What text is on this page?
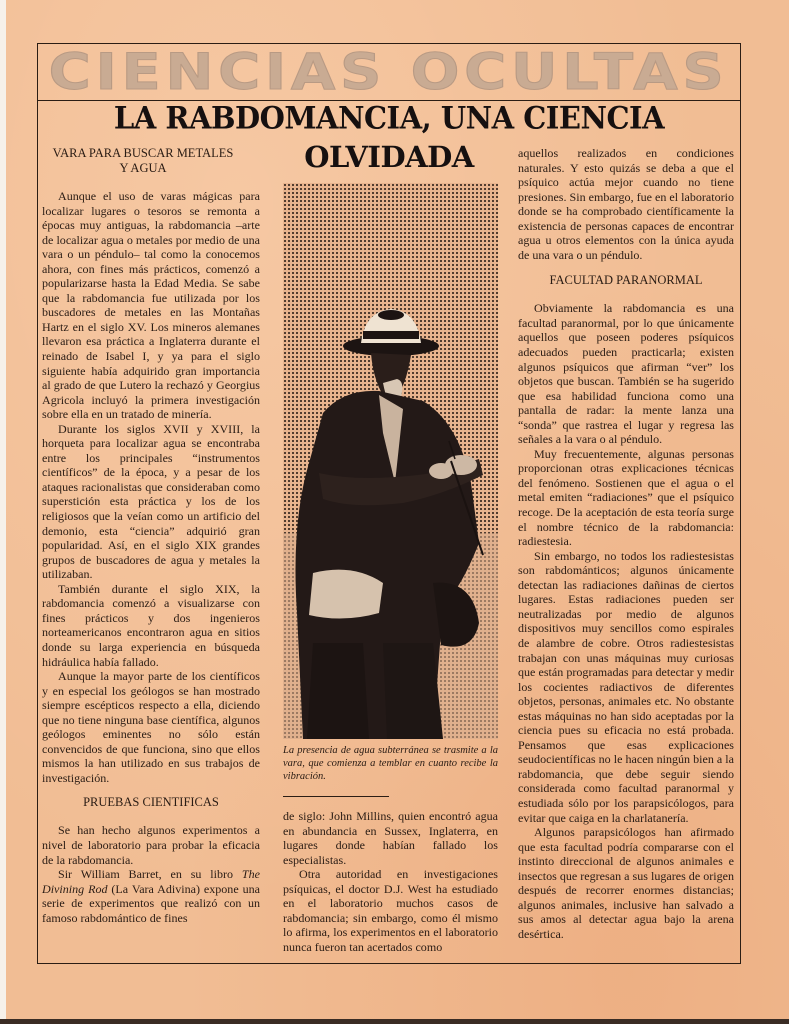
CIENCIAS OCULTAS
LA RABDOMANCIA, UNA CIENCIA
OLVIDADA
VARA PARA BUSCAR METALES
Y AGUA

Aunque el uso de varas mágicas para localizar lugares o tesoros se remonta a épocas muy antiguas, la rabdomancia –arte de localizar agua o metales por medio de una vara o un péndulo– tal como la conocemos ahora, con fines más prácticos, comenzó a popularizarse hasta la Edad Media. Se sabe que la rabdomancia fue utilizada por los buscadores de metales en las Montañas Hartz en el siglo XV. Los mineros alemanes llevaron esa práctica a Inglaterra durante el reinado de Isabel I, y ya para el siglo siguiente había adquirido gran importancia al grado de que Lutero la rechazó y Georgius Agricola incluyó la primera investigación sobre ella en un tratado de minería.

Durante los siglos XVII y XVIII, la horqueta para localizar agua se encontraba entre los principales “instrumentos científicos” de la época, y a pesar de los ataques racionalistas que consideraban como superstición esta práctica y los de los religiosos que la veían como un artificio del demonio, esta “ciencia” adquirió gran popularidad. Así, en el siglo XIX grandes grupos de buscadores de agua y metales la utilizaban.

También durante el siglo XIX, la rabdomancia comenzó a visualizarse con fines prácticos y dos ingenieros norteamericanos encontraron agua en sitios donde su larga experiencia en búsqueda hidráulica había fallado.

Aunque la mayor parte de los científicos y en especial los geólogos se han mostrado siempre escépticos respecto a ella, diciendo que no tiene ninguna base científica, algunos geólogos eminentes no sólo están convencidos de que funciona, sino que ellos mismos la han utilizado en sus trabajos de investigación.

PRUEBAS CIENTIFICAS

Se han hecho algunos experimentos a nivel de laboratorio para probar la eficacia de la rabdomancia.

Sir William Barret, en su libro The Divining Rod (La Vara Adivina) expone una serie de experimentos que realizó con un famoso rabdomántico de fines

La presencia de agua subterránea se trasmite a la vara, que comienza a temblar en cuanto recibe la vibración.

de siglo: John Millins, quien encontró agua en abundancia en Sussex, Inglaterra, en lugares donde habían fallado los especialistas.

Otra autoridad en investigaciones psíquicas, el doctor D.J. West ha estudiado en el laboratorio muchos casos de rabdomancia; sin embargo, como él mismo lo afirma, los experimentos en el laboratorio nunca fueron tan acertados como

aquellos realizados en condiciones naturales. Y esto quizás se deba a que el psíquico actúa mejor cuando no tiene presiones. Sin embargo, fue en el laboratorio donde se ha comprobado científicamente la existencia de personas capaces de encontrar agua u otros elementos con la única ayuda de una vara o un péndulo.

FACULTAD PARANORMAL

Obviamente la rabdomancia es una facultad paranormal, por lo que únicamente aquellos que poseen poderes psíquicos adecuados pueden practicarla; existen algunos psíquicos que afirman “ver” los objetos que buscan. También se ha sugerido que esa habilidad funciona como una pantalla de radar: la mente lanza una “sonda” que rastrea el lugar y regresa las señales a la vara o al péndulo.

Muy frecuentemente, algunas personas proporcionan otras explicaciones técnicas del fenómeno. Sostienen que el agua o el metal emiten “radiaciones” que el psíquico recoge. De la aceptación de esta teoría surge el nombre técnico de la rabdomancia: radiestesia.

Sin embargo, no todos los radiestesistas son rabdománticos; algunos únicamente detectan las radiaciones dañinas de ciertos lugares. Estas radiaciones pueden ser neutralizadas por medio de algunos dispositivos muy sencillos como espirales de alambre de cobre. Otros radiestesistas trabajan con unas máquinas muy curiosas que están programadas para detectar y medir los cocientes radiactivos de diferentes objetos, personas, animales etc. No obstante estas máquinas no han sido aceptadas por la ciencia pues su eficacia no está probada. Pensamos que esas explicaciones seudocientíficas no le hacen ningún bien a la rabdomancia, que debe seguir siendo considerada como facultad paranormal y estudiada sólo por los parapsicólogos, para evitar que caiga en la charlatanería.

Algunos parapsicólogos han afirmado que esta facultad podría compararse con el instinto direccional de algunos animales e insectos que regresan a sus lugares de origen después de recorrer enormes distancias; algunos animales, inclusive han salvado a sus amos al detectar agua bajo la arena desértica.
